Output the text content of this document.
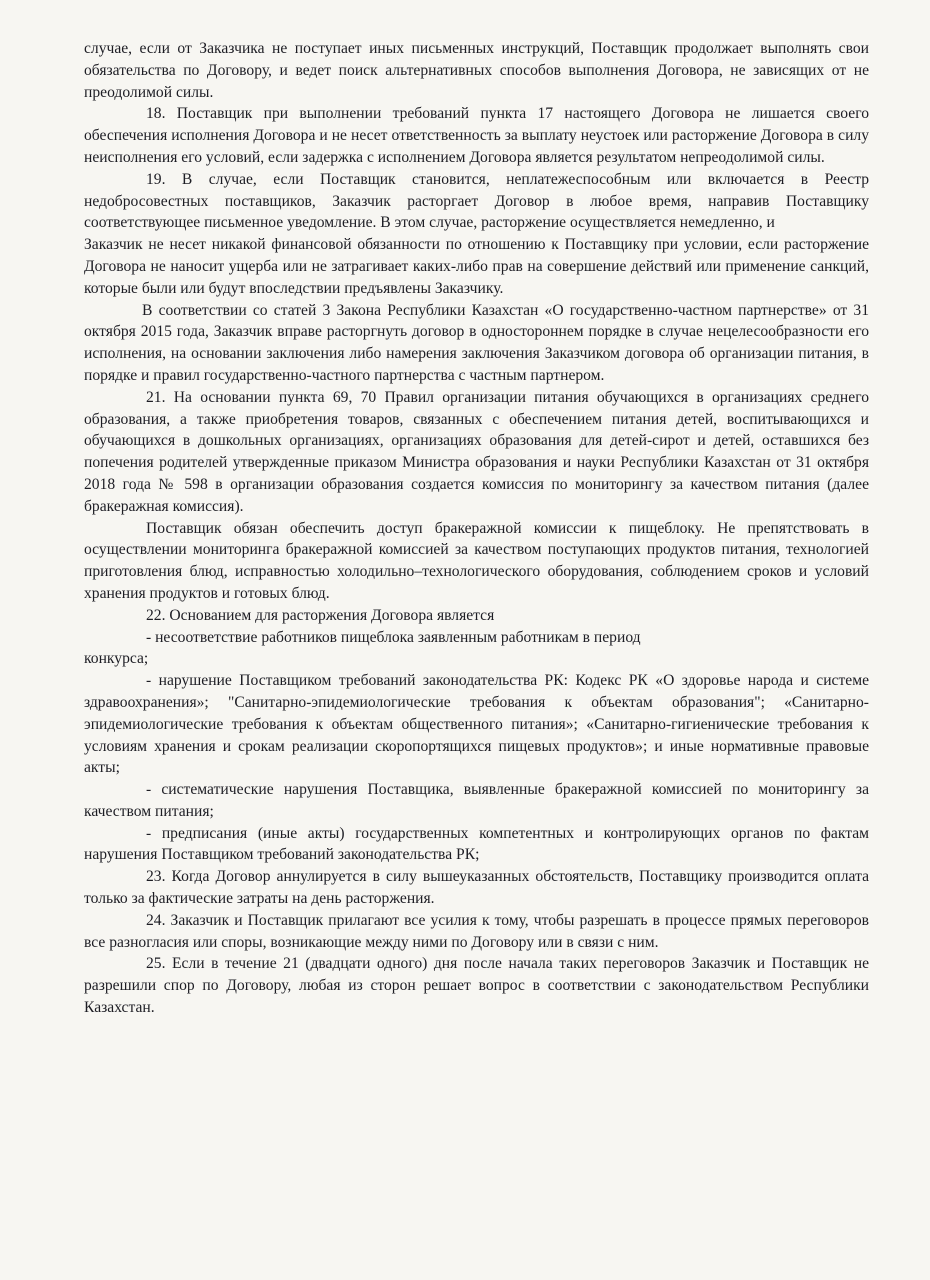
случае, если от Заказчика не поступает иных письменных инструкций, Поставщик продолжает выполнять свои обязательства по Договору, и ведет поиск альтернативных способов выполнения Договора, не зависящих от не преодолимой силы.

18. Поставщик при выполнении требований пункта 17 настоящего Договора не лишается своего обеспечения исполнения Договора и не несет ответственность за выплату неустоек или расторжение Договора в силу неисполнения его условий, если задержка с исполнением Договора является результатом непреодолимой силы.

19. В случае, если Поставщик становится, неплатежеспособным или включается в Реестр недобросовестных поставщиков, Заказчик расторгает Договор в любое время, направив Поставщику соответствующее письменное уведомление. В этом случае, расторжение осуществляется немедленно, и

Заказчик не несет никакой финансовой обязанности по отношению к Поставщику при условии, если расторжение Договора не наносит ущерба или не затрагивает каких-либо прав на совершение действий или применение санкций, которые были или будут впоследствии предъявлены Заказчику.

В соответствии со статей 3 Закона Республики Казахстан «О государственно-частном партнерстве» от 31 октября 2015 года, Заказчик вправе расторгнуть договор в одностороннем порядке в случае нецелесообразности его исполнения, на основании заключения либо намерения заключения Заказчиком договора об организации питания, в порядке и правил государственно-частного партнерства с частным партнером.

21. На основании пункта 69, 70 Правил организации питания обучающихся в организациях среднего образования, а также приобретения товаров, связанных с обеспечением питания детей, воспитывающихся и обучающихся в дошкольных организациях, организациях образования для детей-сирот и детей, оставшихся без попечения родителей утвержденные приказом Министра образования и науки Республики Казахстан от 31 октября 2018 года № 598 в организации образования создается комиссия по мониторингу за качеством питания (далее бракеражная комиссия).

Поставщик обязан обеспечить доступ бракеражной комиссии к пищеблоку. Не препятствовать в осуществлении мониторинга бракеражной комиссией за качеством поступающих продуктов питания, технологией приготовления блюд, исправностью холодильно–технологического оборудования, соблюдением сроков и условий хранения продуктов и готовых блюд.

22. Основанием для расторжения Договора является

- несоответствие работников пищеблока заявленным работникам в период

конкурса;

- нарушение Поставщиком требований законодательства РК: Кодекс РК «О здоровье народа и системе здравоохранения»; "Санитарно-эпидемиологические требования к объектам образования"; «Санитарно-эпидемиологические требования к объектам общественного питания»; «Санитарно-гигиенические требования к условиям хранения и срокам реализации скоропортящихся пищевых продуктов»; и иные нормативные правовые акты;

- систематические нарушения Поставщика, выявленные бракеражной комиссией по мониторингу за качеством питания;

- предписания (иные акты) государственных компетентных и контролирующих органов по фактам нарушения Поставщиком требований законодательства РК;

23. Когда Договор аннулируется в силу вышеуказанных обстоятельств, Поставщику производится оплата только за фактические затраты на день расторжения.

24. Заказчик и Поставщик прилагают все усилия к тому, чтобы разрешать в процессе прямых переговоров все разногласия или споры, возникающие между ними по Договору или в связи с ним.

25. Если в течение 21 (двадцати одного) дня после начала таких переговоров Заказчик и Поставщик не разрешили спор по Договору, любая из сторон решает вопрос в соответствии с законодательством Республики Казахстан.
